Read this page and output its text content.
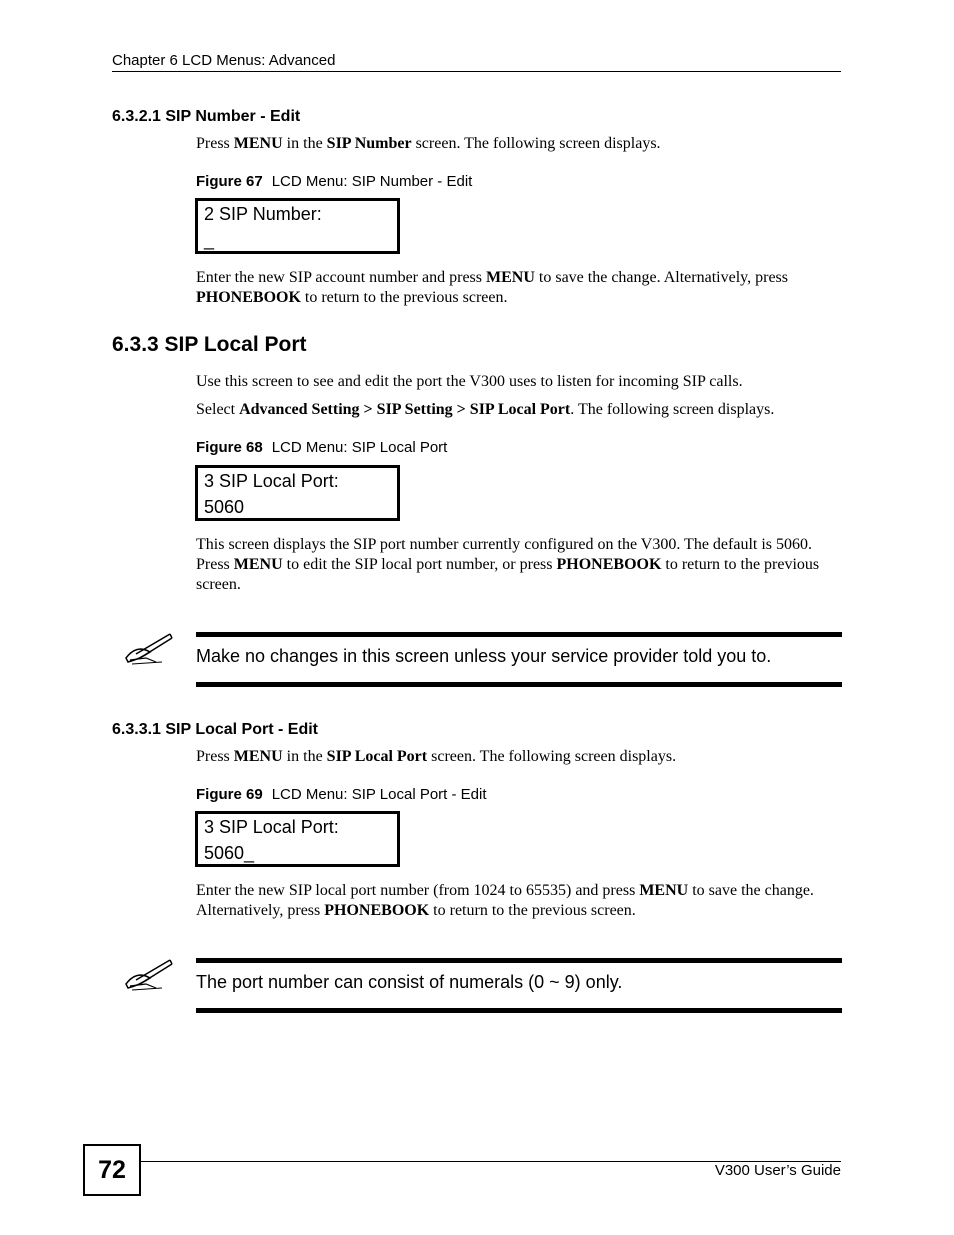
Chapter 6 LCD Menus: Advanced
6.3.2.1 SIP Number - Edit
Press MENU in the SIP Number screen. The following screen displays.
Figure 67 LCD Menu: SIP Number - Edit
2 SIP Number:
_
Enter the new SIP account number and press MENU to save the change. Alternatively, press PHONEBOOK to return to the previous screen.
6.3.3 SIP Local Port
Use this screen to see and edit the port the V300 uses to listen for incoming SIP calls.
Select Advanced Setting > SIP Setting > SIP Local Port. The following screen displays.
Figure 68 LCD Menu: SIP Local Port
3 SIP Local Port:
5060
This screen displays the SIP port number currently configured on the V300. The default is 5060. Press MENU to edit the SIP local port number, or press PHONEBOOK to return to the previous screen.
Make no changes in this screen unless your service provider told you to.
6.3.3.1 SIP Local Port - Edit
Press MENU in the SIP Local Port screen. The following screen displays.
Figure 69 LCD Menu: SIP Local Port - Edit
3 SIP Local Port:
5060_
Enter the new SIP local port number (from 1024 to 65535) and press MENU to save the change. Alternatively, press PHONEBOOK to return to the previous screen.
The port number can consist of numerals (0 ~ 9) only.
72	V300 User’s Guide
